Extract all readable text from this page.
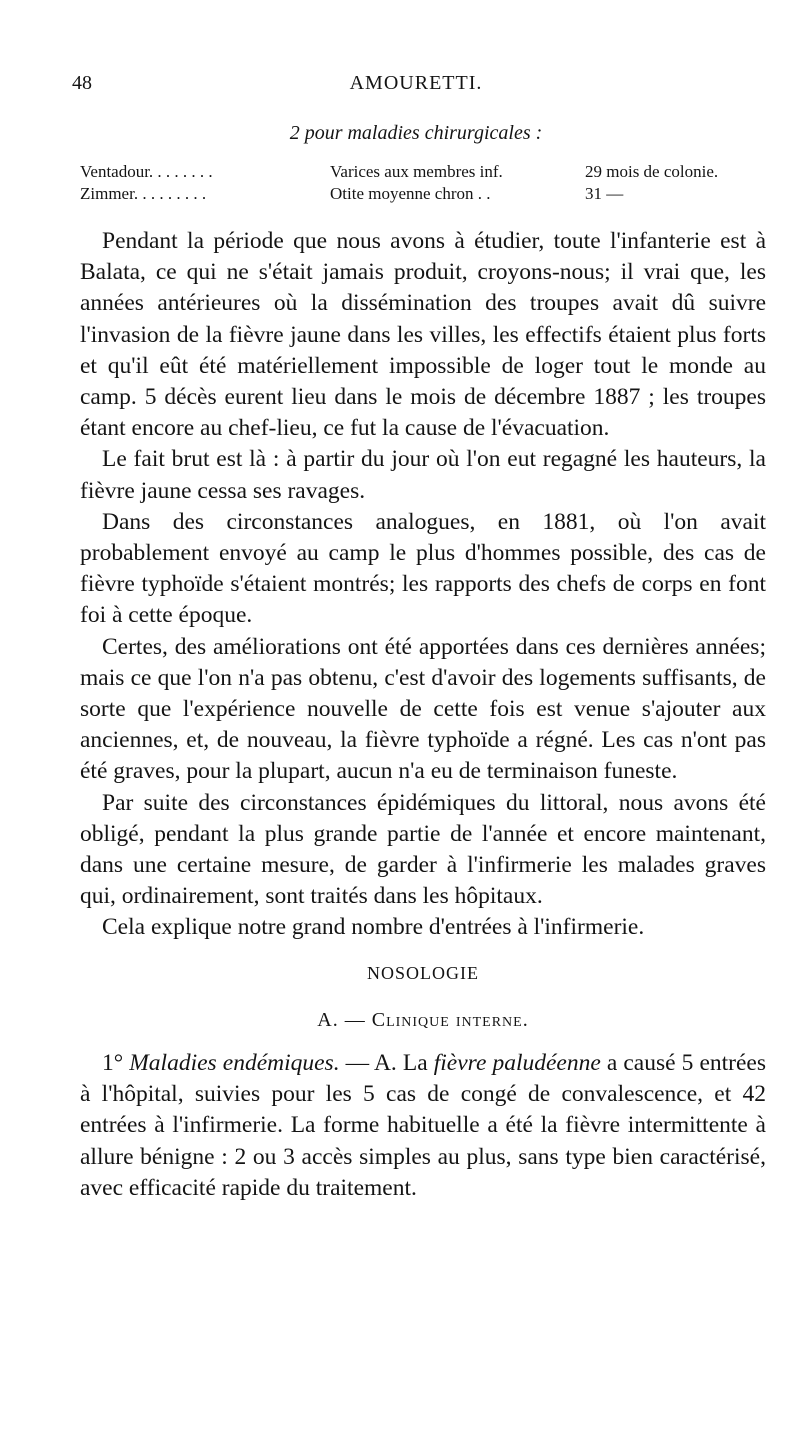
48	AMOURETTI.
2 pour maladies chirurgicales :
Ventadour. . . . . . . .	Varices aux membres inf.	29 mois de colonie.
Zimmer. . . . . . . . .	Otite moyenne chron . .	31 —

Pendant la période que nous avons à étudier, toute l'infanterie est à Balata, ce qui ne s'était jamais produit, croyons-nous; il vrai que, les années antérieures où la dissémination des troupes avait dû suivre l'invasion de la fièvre jaune dans les villes, les effectifs étaient plus forts et qu'il eût été matériellement impossible de loger tout le monde au camp. 5 décès eurent lieu dans le mois de décembre 1887 ; les troupes étant encore au chef-lieu, ce fut la cause de l'évacuation.

Le fait brut est là : à partir du jour où l'on eut regagné les hauteurs, la fièvre jaune cessa ses ravages.

Dans des circonstances analogues, en 1881, où l'on avait probablement envoyé au camp le plus d'hommes possible, des cas de fièvre typhoïde s'étaient montrés; les rapports des chefs de corps en font foi à cette époque.

Certes, des améliorations ont été apportées dans ces dernières années; mais ce que l'on n'a pas obtenu, c'est d'avoir des logements suffisants, de sorte que l'expérience nouvelle de cette fois est venue s'ajouter aux anciennes, et, de nouveau, la fièvre typhoïde a régné. Les cas n'ont pas été graves, pour la plupart, aucun n'a eu de terminaison funeste.

Par suite des circonstances épidémiques du littoral, nous avons été obligé, pendant la plus grande partie de l'année et encore maintenant, dans une certaine mesure, de garder à l'infirmerie les malades graves qui, ordinairement, sont traités dans les hôpitaux.

Cela explique notre grand nombre d'entrées à l'infirmerie.

NOSOLOGIE

A. — Clinique interne.

1° Maladies endémiques. — A. La fièvre paludéenne a causé 5 entrées à l'hôpital, suivies pour les 5 cas de congé de convalescence, et 42 entrées à l'infirmerie. La forme habituelle a été la fièvre intermittente à allure bénigne : 2 ou 3 accès simples au plus, sans type bien caractérisé, avec efficacité rapide du traitement.
